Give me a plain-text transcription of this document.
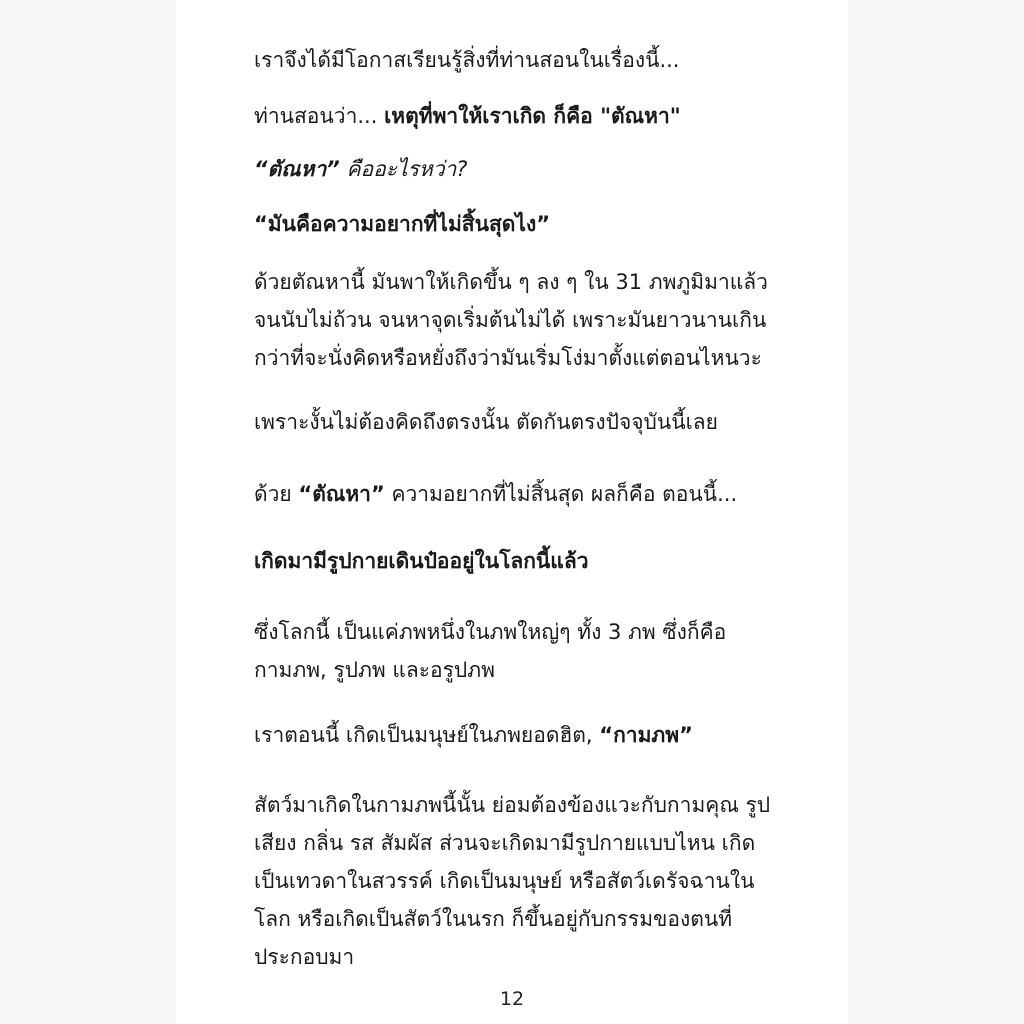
เราจึงได้มีโอกาสเรียนรู้สิ่งที่ท่านสอนในเรื่องนี้...
ท่านสอนว่า... เหตุที่พาให้เราเกิด ก็คือ "ตัณหา"
“ตัณหา” คืออะไรหว่า?
“มันคือความอยากที่ไม่สิ้นสุดไง”
ด้วยตัณหานี้ มันพาให้เกิดขึ้น ๆ ลง ๆ ใน 31 ภพภูมิมาแล้ว
จนนับไม่ถ้วน จนหาจุดเริ่มต้นไม่ได้ เพราะมันยาวนานเกิน
กว่าที่จะนั่งคิดหรือหยั่งถึงว่ามันเริ่มโง่มาตั้งแต่ตอนไหนวะ
เพราะงั้นไม่ต้องคิดถึงตรงนั้น ตัดกันตรงปัจจุบันนี้เลย
ด้วย “ตัณหา” ความอยากที่ไม่สิ้นสุด ผลก็คือ ตอนนี้...
เกิดมามีรูปกายเดินป๋ออยู่ในโลกนี้แล้ว
ซึ่งโลกนี้ เป็นแค่ภพหนึ่งในภพใหญ่ๆ ทั้ง 3 ภพ ซึ่งก็คือ
กามภพ, รูปภพ และอรูปภพ
เราตอนนี้ เกิดเป็นมนุษย์ในภพยอดฮิต, “กามภพ”
สัตว์มาเกิดในกามภพนี้นั้น ย่อมต้องข้องแวะกับกามคุณ รูป
เสียง กลิ่น รส สัมผัส ส่วนจะเกิดมามีรูปกายแบบไหน เกิด
เป็นเทวดาในสวรรค์ เกิดเป็นมนุษย์ หรือสัตว์เดรัจฉานใน
โลก หรือเกิดเป็นสัตว์ในนรก ก็ขึ้นอยู่กับกรรมของตนที่
ประกอบมา
12
